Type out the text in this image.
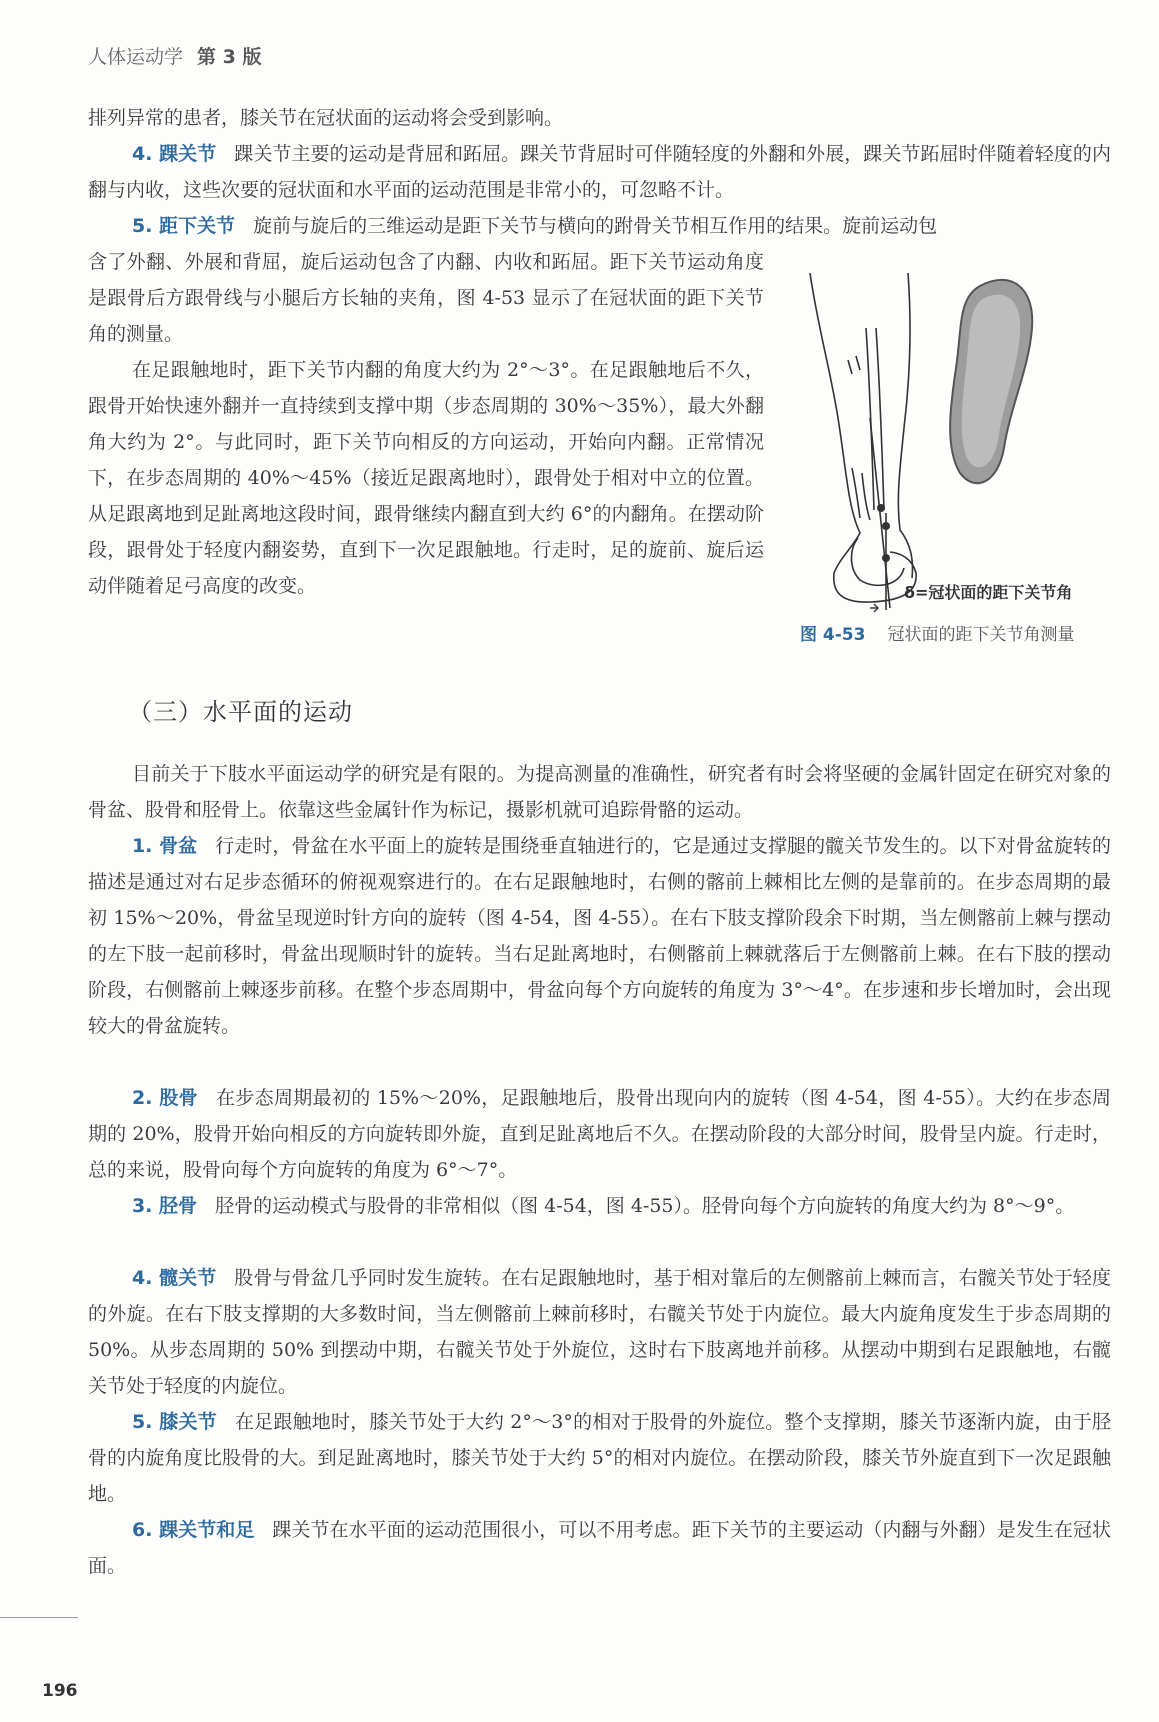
人体运动学 第 3 版

排列异常的患者，膝关节在冠状面的运动将会受到影响。

4. 踝关节 踝关节主要的运动是背屈和跖屈。踝关节背屈时可伴随轻度的外翻和外展，踝关节跖屈时伴随着轻度的内翻与内收，这些次要的冠状面和水平面的运动范围是非常小的，可忽略不计。

5. 距下关节 旋前与旋后的三维运动是距下关节与横向的跗骨关节相互作用的结果。旋前运动包

含了外翻、外展和背屈，旋后运动包含了内翻、内收和跖屈。距下关节运动角度是跟骨后方跟骨线与小腿后方长轴的夹角，图 4-53 显示了在冠状面的距下关节角的测量。

在足跟触地时，距下关节内翻的角度大约为 2°～3°。在足跟触地后不久，跟骨开始快速外翻并一直持续到支撑中期（步态周期的 30%～35%），最大外翻角大约为 2°。与此同时，距下关节向相反的方向运动，开始向内翻。正常情况下，在步态周期的 40%～45%（接近足跟离地时），跟骨处于相对中立的位置。从足跟离地到足趾离地这段时间，跟骨继续内翻直到大约 6°的内翻角。在摆动阶段，跟骨处于轻度内翻姿势，直到下一次足跟触地。行走时，足的旋前、旋后运动伴随着足弓高度的改变。	δ=冠状面的距下关节角
图 4-53 冠状面的距下关节角测量
（三）水平面的运动

目前关于下肢水平面运动学的研究是有限的。为提高测量的准确性，研究者有时会将坚硬的金属针固定在研究对象的骨盆、股骨和胫骨上。依靠这些金属针作为标记，摄影机就可追踪骨骼的运动。

1. 骨盆 行走时，骨盆在水平面上的旋转是围绕垂直轴进行的，它是通过支撑腿的髋关节发生的。以下对骨盆旋转的描述是通过对右足步态循环的俯视观察进行的。在右足跟触地时，右侧的髂前上棘相比左侧的是靠前的。在步态周期的最初 15%～20%，骨盆呈现逆时针方向的旋转（图 4-54，图 4-55）。在右下肢支撑阶段余下时期，当左侧髂前上棘与摆动的左下肢一起前移时，骨盆出现顺时针的旋转。当右足趾离地时，右侧髂前上棘就落后于左侧髂前上棘。在右下肢的摆动阶段，右侧髂前上棘逐步前移。在整个步态周期中，骨盆向每个方向旋转的角度为 3°～4°。在步速和步长增加时，会出现较大的骨盆旋转。

2. 股骨 在步态周期最初的 15%～20%，足跟触地后，股骨出现向内的旋转（图 4-54，图 4-55）。大约在步态周期的 20%，股骨开始向相反的方向旋转即外旋，直到足趾离地后不久。在摆动阶段的大部分时间，股骨呈内旋。行走时，总的来说，股骨向每个方向旋转的角度为 6°～7°。

3. 胫骨 胫骨的运动模式与股骨的非常相似（图 4-54，图 4-55）。胫骨向每个方向旋转的角度大约为 8°～9°。

4. 髋关节 股骨与骨盆几乎同时发生旋转。在右足跟触地时，基于相对靠后的左侧髂前上棘而言，右髋关节处于轻度的外旋。在右下肢支撑期的大多数时间，当左侧髂前上棘前移时，右髋关节处于内旋位。最大内旋角度发生于步态周期的 50%。从步态周期的 50% 到摆动中期，右髋关节处于外旋位，这时右下肢离地并前移。从摆动中期到右足跟触地，右髋关节处于轻度的内旋位。

5. 膝关节 在足跟触地时，膝关节处于大约 2°～3°的相对于股骨的外旋位。整个支撑期，膝关节逐渐内旋，由于胫骨的内旋角度比股骨的大。到足趾离地时，膝关节处于大约 5°的相对内旋位。在摆动阶段，膝关节外旋直到下一次足跟触地。

6. 踝关节和足 踝关节在水平面的运动范围很小，可以不用考虑。距下关节的主要运动（内翻与外翻）是发生在冠状面。

196
